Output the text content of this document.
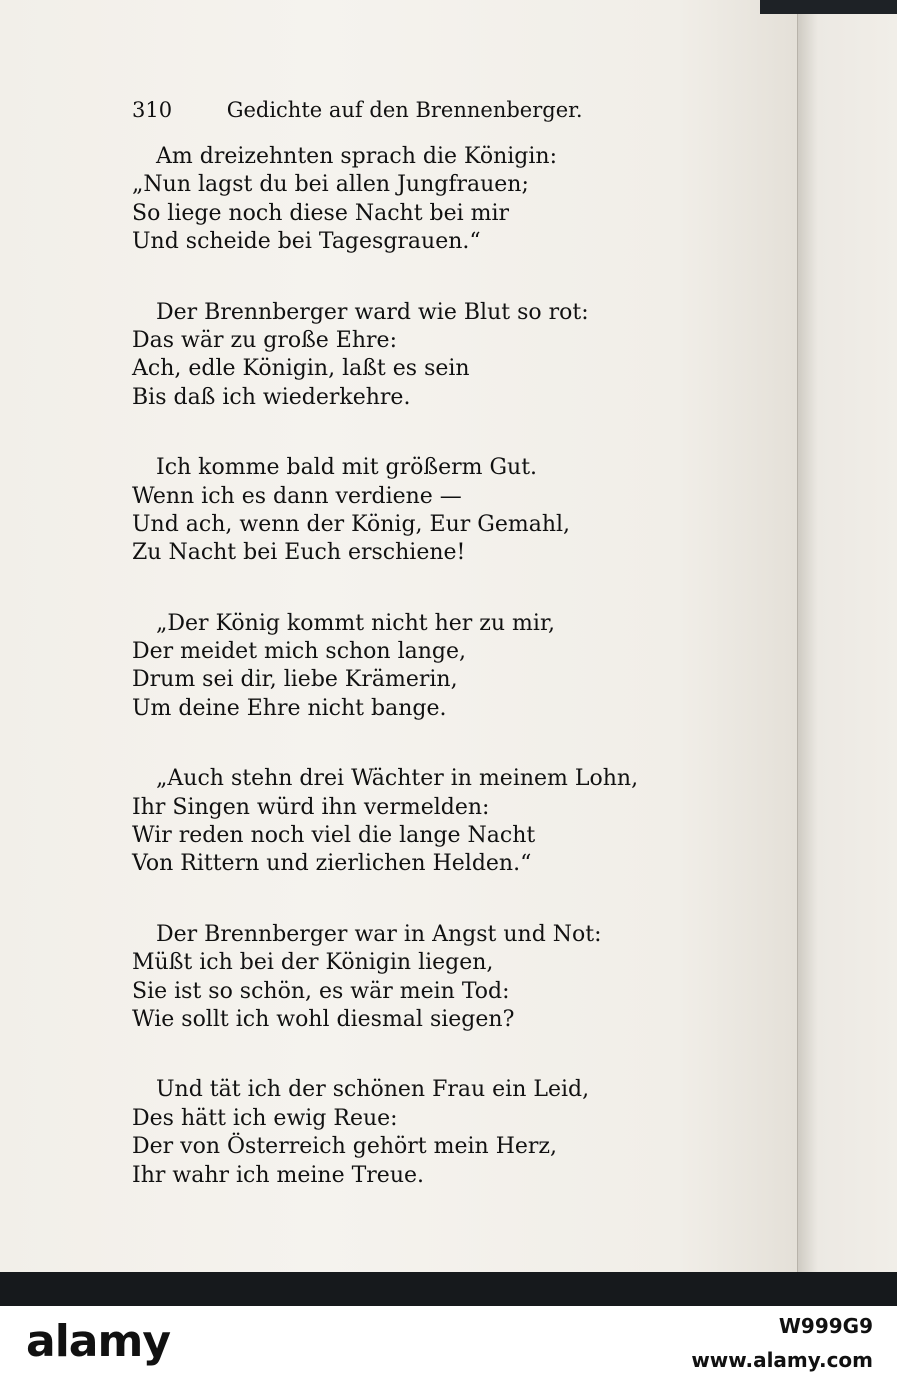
310	Gedichte auf den Brennenberger.
Am dreizehnten sprach die Königin:
„Nun lagst du bei allen Jungfrauen;
So liege noch diese Nacht bei mir
Und scheide bei Tagesgrauen.“
Der Brennberger ward wie Blut so rot:
Das wär zu große Ehre:
Ach, edle Königin, laßt es sein
Bis daß ich wiederkehre.
Ich komme bald mit größerm Gut.
Wenn ich es dann verdiene —
Und ach, wenn der König, Eur Gemahl,
Zu Nacht bei Euch erschiene!
„Der König kommt nicht her zu mir,
Der meidet mich schon lange,
Drum sei dir, liebe Krämerin,
Um deine Ehre nicht bange.
„Auch stehn drei Wächter in meinem Lohn,
Ihr Singen würd ihn vermelden:
Wir reden noch viel die lange Nacht
Von Rittern und zierlichen Helden.“
Der Brennberger war in Angst und Not:
Müßt ich bei der Königin liegen,
Sie ist so schön, es wär mein Tod:
Wie sollt ich wohl diesmal siegen?
Und tät ich der schönen Frau ein Leid,
Des hätt ich ewig Reue:
Der von Österreich gehört mein Herz,
Ihr wahr ich meine Treue.
alamy	W999G9
www.alamy.com
